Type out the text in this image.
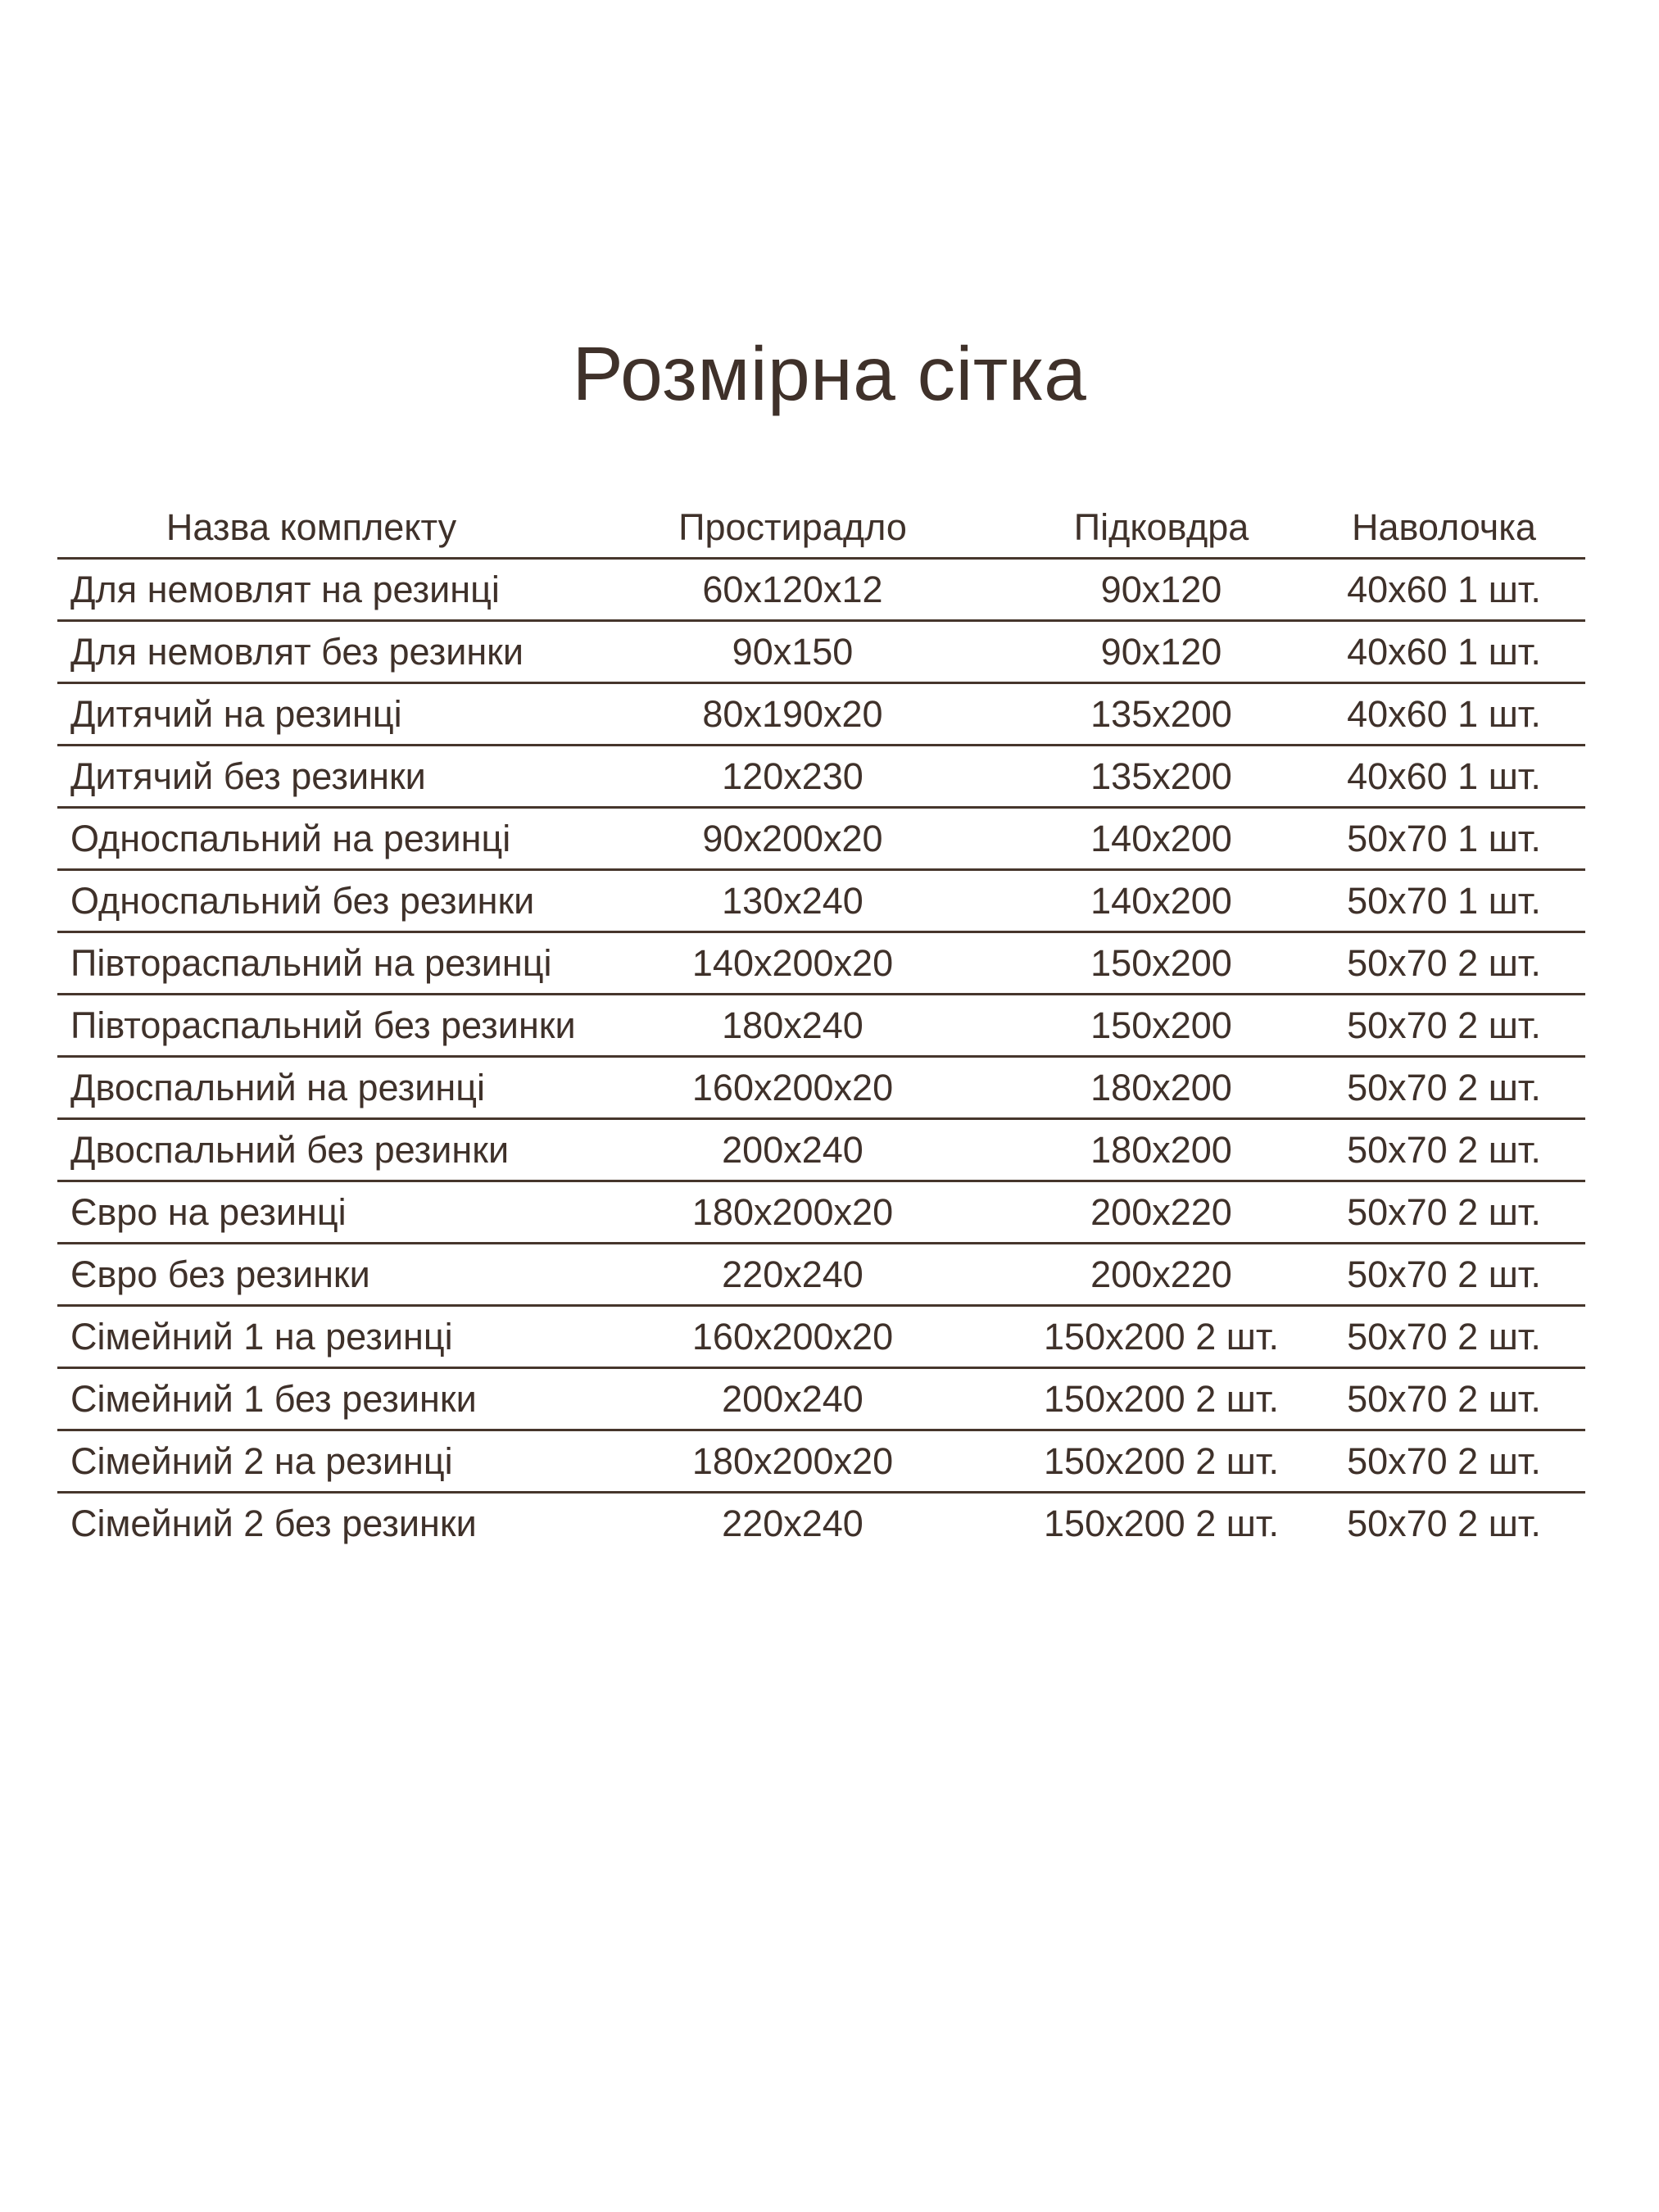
Розмірна сітка
Назва комплекту	Простирадло	Підковдра	Наволочка
Для немовлят на резинці	60х120х12	90х120	40х60 1 шт.
Для немовлят без резинки	90х150	90х120	40х60 1 шт.
Дитячий на резинці	80х190х20	135х200	40х60 1 шт.
Дитячий без резинки	120х230	135х200	40х60 1 шт.
Односпальний на резинці	90х200х20	140х200	50х70 1 шт.
Односпальний без резинки	130х240	140х200	50х70 1 шт.
Півтораспальний на резинці	140х200х20	150х200	50х70 2 шт.
Півтораспальний без резинки	180х240	150х200	50х70 2 шт.
Двоспальний на резинці	160х200х20	180х200	50х70 2 шт.
Двоспальний без резинки	200х240	180х200	50х70 2 шт.
Євро на резинці	180х200х20	200х220	50х70 2 шт.
Євро без резинки	220х240	200х220	50х70 2 шт.
Сімейний 1 на резинці	160х200х20	150х200 2 шт.	50х70 2 шт.
Сімейний 1 без резинки	200х240	150х200 2 шт.	50х70 2 шт.
Сімейний 2 на резинці	180х200х20	150х200 2 шт.	50х70 2 шт.
Сімейний 2 без резинки	220х240	150х200 2 шт.	50х70 2 шт.
